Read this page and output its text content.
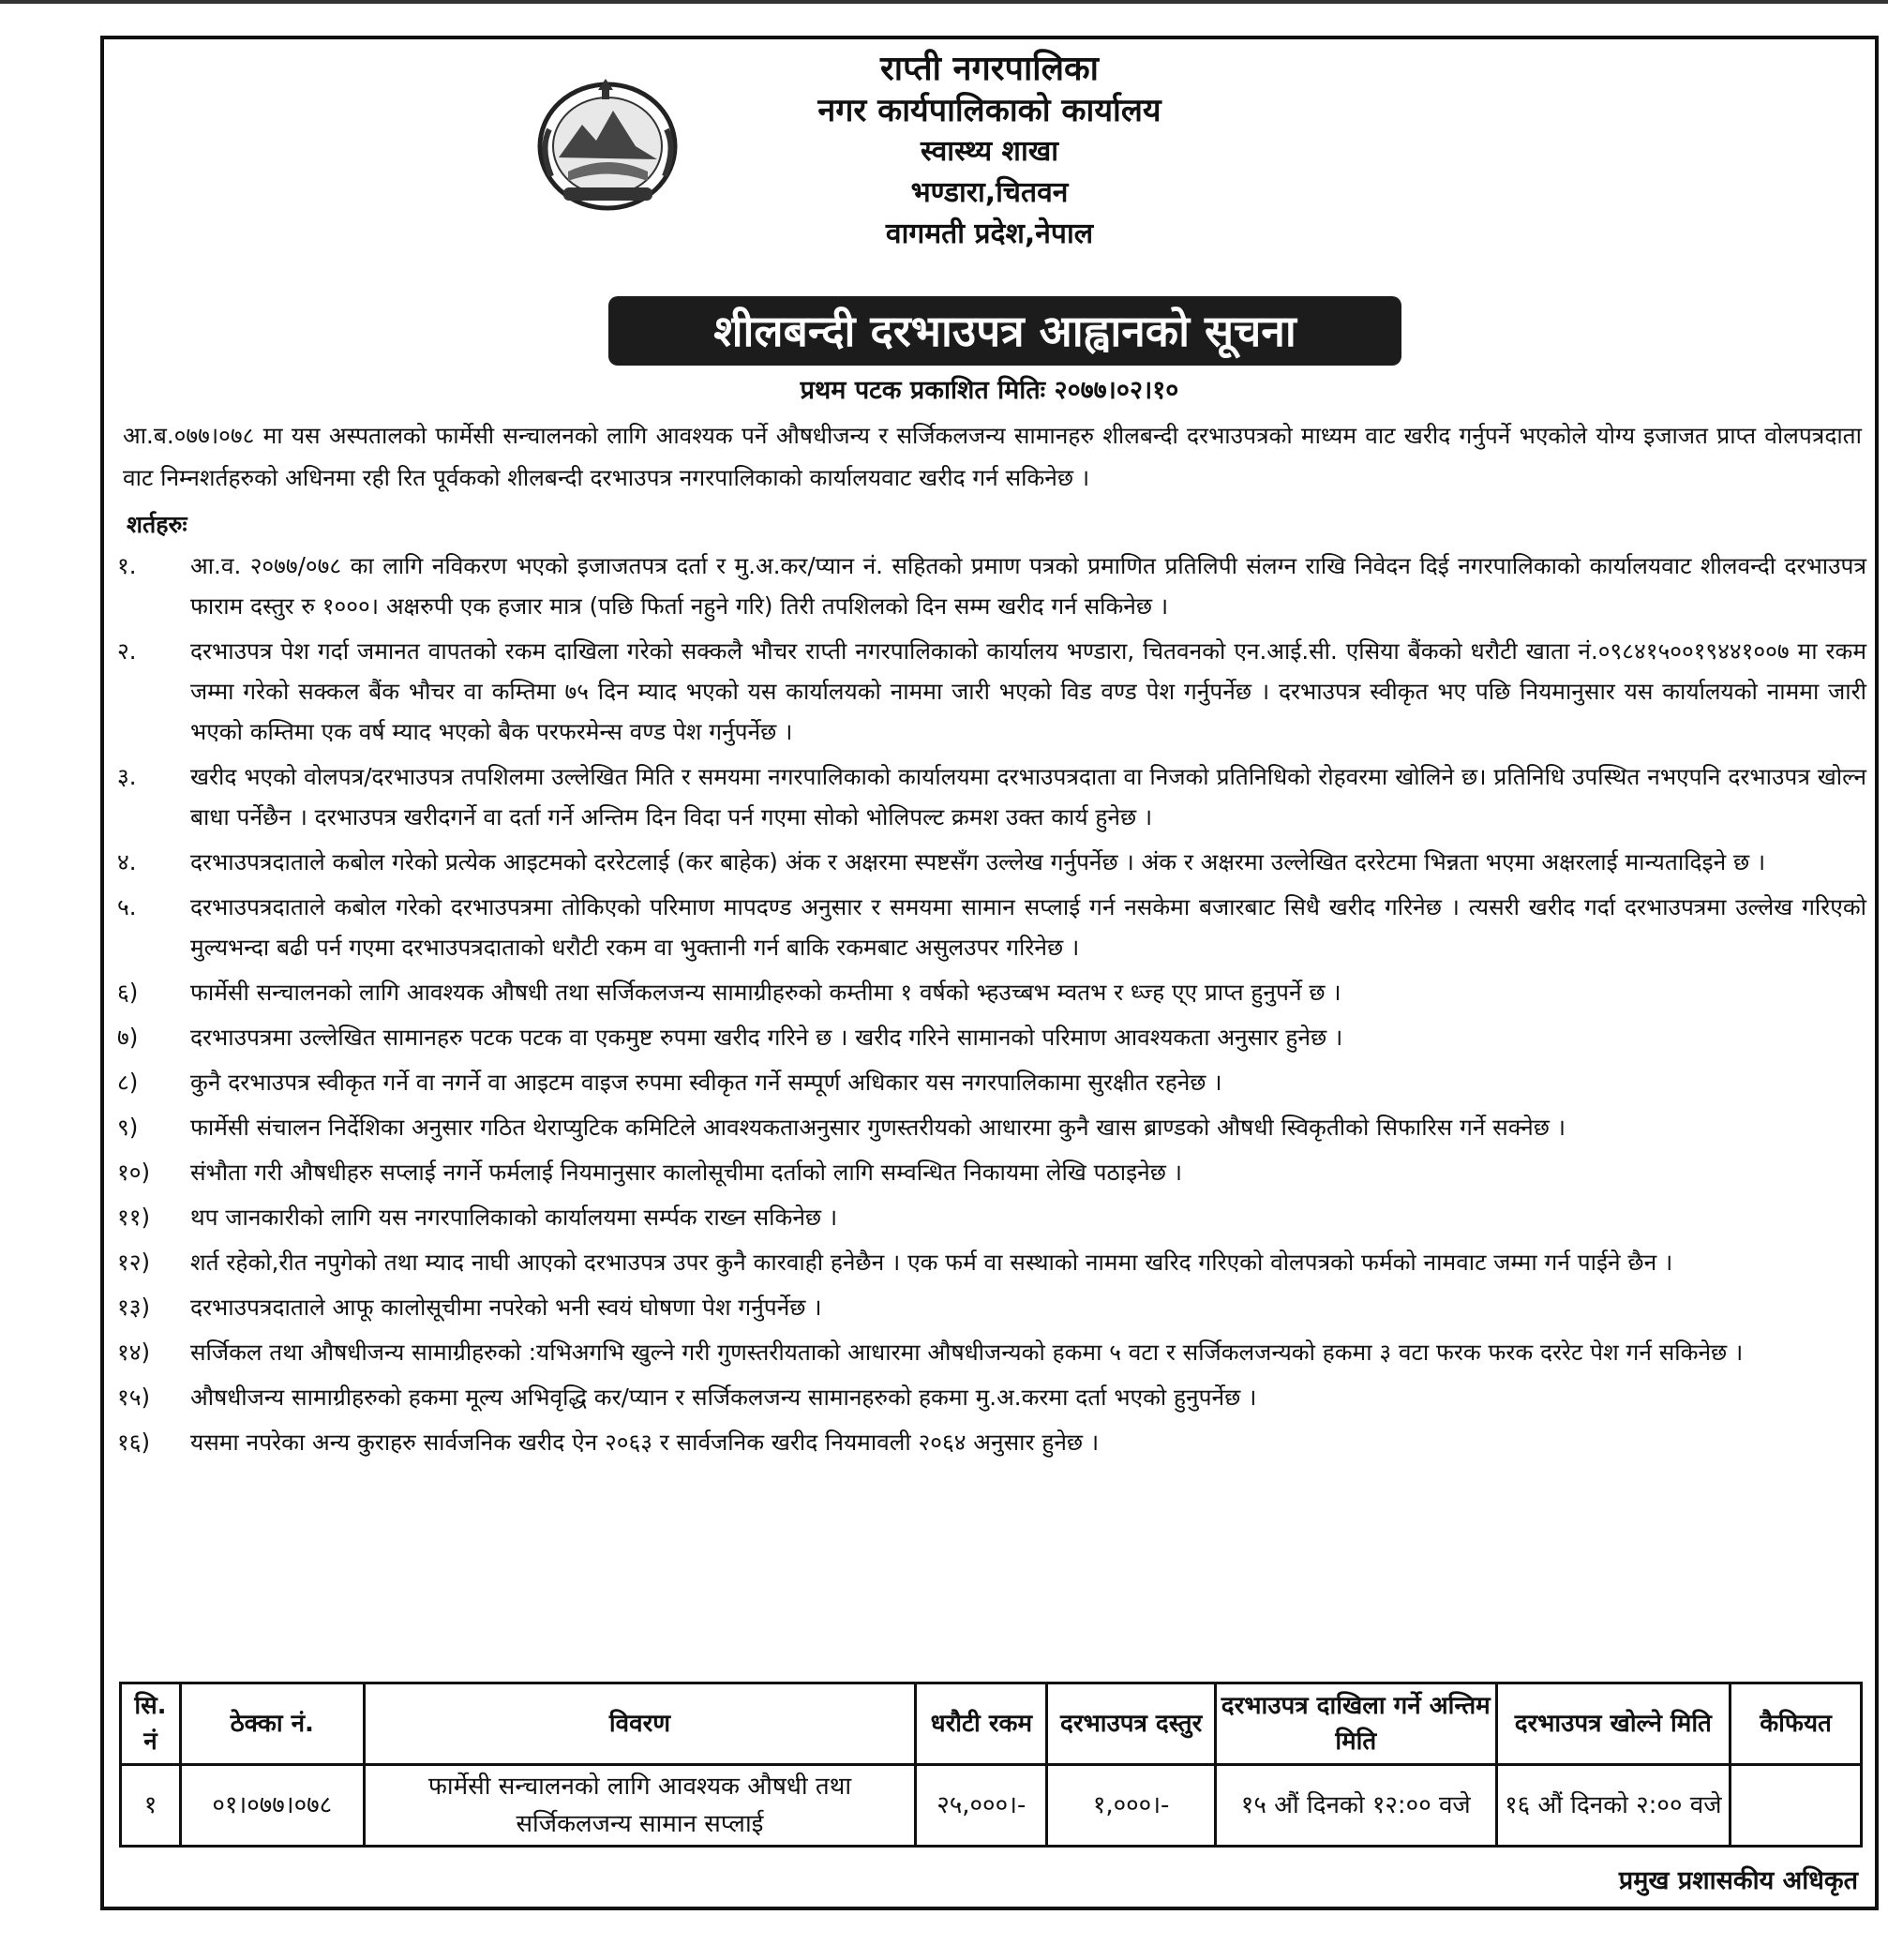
राप्ती नगरपालिका
नगर कार्यपालिकाको कार्यालय
स्वास्थ्य शाखा
भण्डारा,चितवन
वागमती प्रदेश,नेपाल
शीलबन्दी दरभाउपत्र आह्वानको सूचना
प्रथम पटक प्रकाशित मितिः २०७७।०२।१०
आ.ब.०७७।०७८ मा यस अस्पतालको फार्मेसी सन्चालनको लागि आवश्यक पर्ने औषधीजन्य र सर्जिकलजन्य सामानहरु शीलबन्दी दरभाउपत्रको माध्यम वाट खरीद गर्नुपर्ने भएकोले योग्य इजाजत प्राप्त वोलपत्रदाता वाट निम्नशर्तहरुको अधिनमा रही रित पूर्वकको शीलबन्दी दरभाउपत्र नगरपालिकाको कार्यालयवाट खरीद गर्न सकिनेछ ।
शर्तहरुः
१. आ.व. २०७७/०७८ का लागि नविकरण भएको इजाजतपत्र दर्ता र मु.अ.कर/प्यान नं. सहितको प्रमाण पत्रको प्रमाणित प्रतिलिपी संलग्न राखि निवेदन दिई नगरपालिकाको कार्यालयवाट शीलवन्दी दरभाउपत्र फाराम दस्तुर रु १०००। अक्षरुपी एक हजार मात्र (पछि फिर्ता नहुने गरि) तिरी तपशिलको दिन सम्म खरीद गर्न सकिनेछ ।
२. दरभाउपत्र पेश गर्दा जमानत वापतको रकम दाखिला गरेको सक्कलै भौचर राप्ती नगरपालिकाको कार्यालय भण्डारा, चितवनको एन.आई.सी. एसिया बैंकको धरौटी खाता नं.०९८४१५००१९४४१००७ मा रकम जम्मा गरेको सक्कल बैंक भौचर वा कम्तिमा ७५ दिन म्याद भएको यस कार्यालयको नाममा जारी भएको विड वण्ड पेश गर्नुपर्नेछ । दरभाउपत्र स्वीकृत भए पछि नियमानुसार यस कार्यालयको नाममा जारी भएको कम्तिमा एक वर्ष म्याद भएको बैक परफरमेन्स वण्ड पेश गर्नुपर्नेछ ।
३. खरीद भएको वोलपत्र/दरभाउपत्र तपशिलमा उल्लेखित मिति र समयमा नगरपालिकाको कार्यालयमा दरभाउपत्रदाता वा निजको प्रतिनिधिको रोहवरमा खोलिने छ। प्रतिनिधि उपस्थित नभएपनि दरभाउपत्र खोल्न बाधा पर्नेछैन । दरभाउपत्र खरीदगर्ने वा दर्ता गर्ने अन्तिम दिन विदा पर्न गएमा सोको भोलिपल्ट क्रमश उक्त कार्य हुनेछ ।
४. दरभाउपत्रदाताले कबोल गरेको प्रत्येक आइटमको दररेटलाई (कर बाहेक) अंक र अक्षरमा स्पष्टसँग उल्लेख गर्नुपर्नेछ । अंक र अक्षरमा उल्लेखित दररेटमा भिन्नता भएमा अक्षरलाई मान्यतादिइने छ ।
५. दरभाउपत्रदाताले कबोल गरेको दरभाउपत्रमा तोकिएको परिमाण मापदण्ड अनुसार र समयमा सामान सप्लाई गर्न नसकेमा बजारबाट सिधै खरीद गरिनेछ । त्यसरी खरीद गर्दा दरभाउपत्रमा उल्लेख गरिएको मुल्यभन्दा बढी पर्न गएमा दरभाउपत्रदाताको धरौटी रकम वा भुक्तानी गर्न बाकि रकमबाट असुलउपर गरिनेछ ।
६) फार्मेसी सन्चालनको लागि आवश्यक औषधी तथा सर्जिकलजन्य सामाग्रीहरुको कम्तीमा १ वर्षको भ्हउच्बभ म्वतभ र ध्ज्ह ए्ए प्राप्त हुनुपर्ने छ ।
७) दरभाउपत्रमा उल्लेखित सामानहरु पटक पटक वा एकमुष्ट रुपमा खरीद गरिने छ । खरीद गरिने सामानको परिमाण आवश्यकता अनुसार हुनेछ ।
८) कुनै दरभाउपत्र स्वीकृत गर्ने वा नगर्ने वा आइटम वाइज रुपमा स्वीकृत गर्ने सम्पूर्ण अधिकार यस नगरपालिकामा सुरक्षीत रहनेछ ।
९) फार्मेसी संचालन निर्देशिका अनुसार गठित थेराप्युटिक कमिटिले आवश्यकताअनुसार गुणस्तरीयको आधारमा कुनै खास ब्राण्डको औषधी स्विकृतीको सिफारिस गर्ने सक्नेछ ।
१०) संभौता गरी औषधीहरु सप्लाई नगर्ने फर्मलाई नियमानुसार कालोसूचीमा दर्ताको लागि सम्वन्धित निकायमा लेखि पठाइनेछ ।
११) थप जानकारीको लागि यस नगरपालिकाको कार्यालयमा सर्म्पक राख्न सकिनेछ ।
१२) शर्त रहेको,रीत नपुगेको तथा म्याद नाघी आएको दरभाउपत्र उपर कुनै कारवाही हनेछैन । एक फर्म वा सस्थाको नाममा खरिद गरिएको वोलपत्रको फर्मको नामवाट जम्मा गर्न पाईने छैन ।
१३) दरभाउपत्रदाताले आफू कालोसूचीमा नपरेको भनी स्वयं घोषणा पेश गर्नुपर्नेछ ।
१४) सर्जिकल तथा औषधीजन्य सामाग्रीहरुको :यभिअगभि खुल्ने गरी गुणस्तरीयताको आधारमा औषधीजन्यको हकमा ५ वटा र सर्जिकलजन्यको हकमा ३ वटा फरक फरक दररेट पेश गर्न सकिनेछ ।
१५) औषधीजन्य सामाग्रीहरुको हकमा मूल्य अभिवृद्धि कर/प्यान र सर्जिकलजन्य सामानहरुको हकमा मु.अ.करमा दर्ता भएको हुनुपर्नेछ ।
१६) यसमा नपरेका अन्य कुराहरु सार्वजनिक खरीद ऐन २०६३ र सार्वजनिक खरीद नियमावली २०६४ अनुसार हुनेछ ।
सि. नं	ठेक्का नं.	विवरण	धरौटी रकम	दरभाउपत्र दस्तुर	दरभाउपत्र दाखिला गर्ने अन्तिम मिति	दरभाउपत्र खोल्ने मिति	कैफियत
१	०१।०७७।०७८	फार्मेसी सन्चालनको लागि आवश्यक औषधी तथा सर्जिकलजन्य सामान सप्लाई	२५,०००।-	१,०००।-	१५ औं दिनको १२:०० वजे	१६ औं दिनको २:०० वजे	
प्रमुख प्रशासकीय अधिकृत
